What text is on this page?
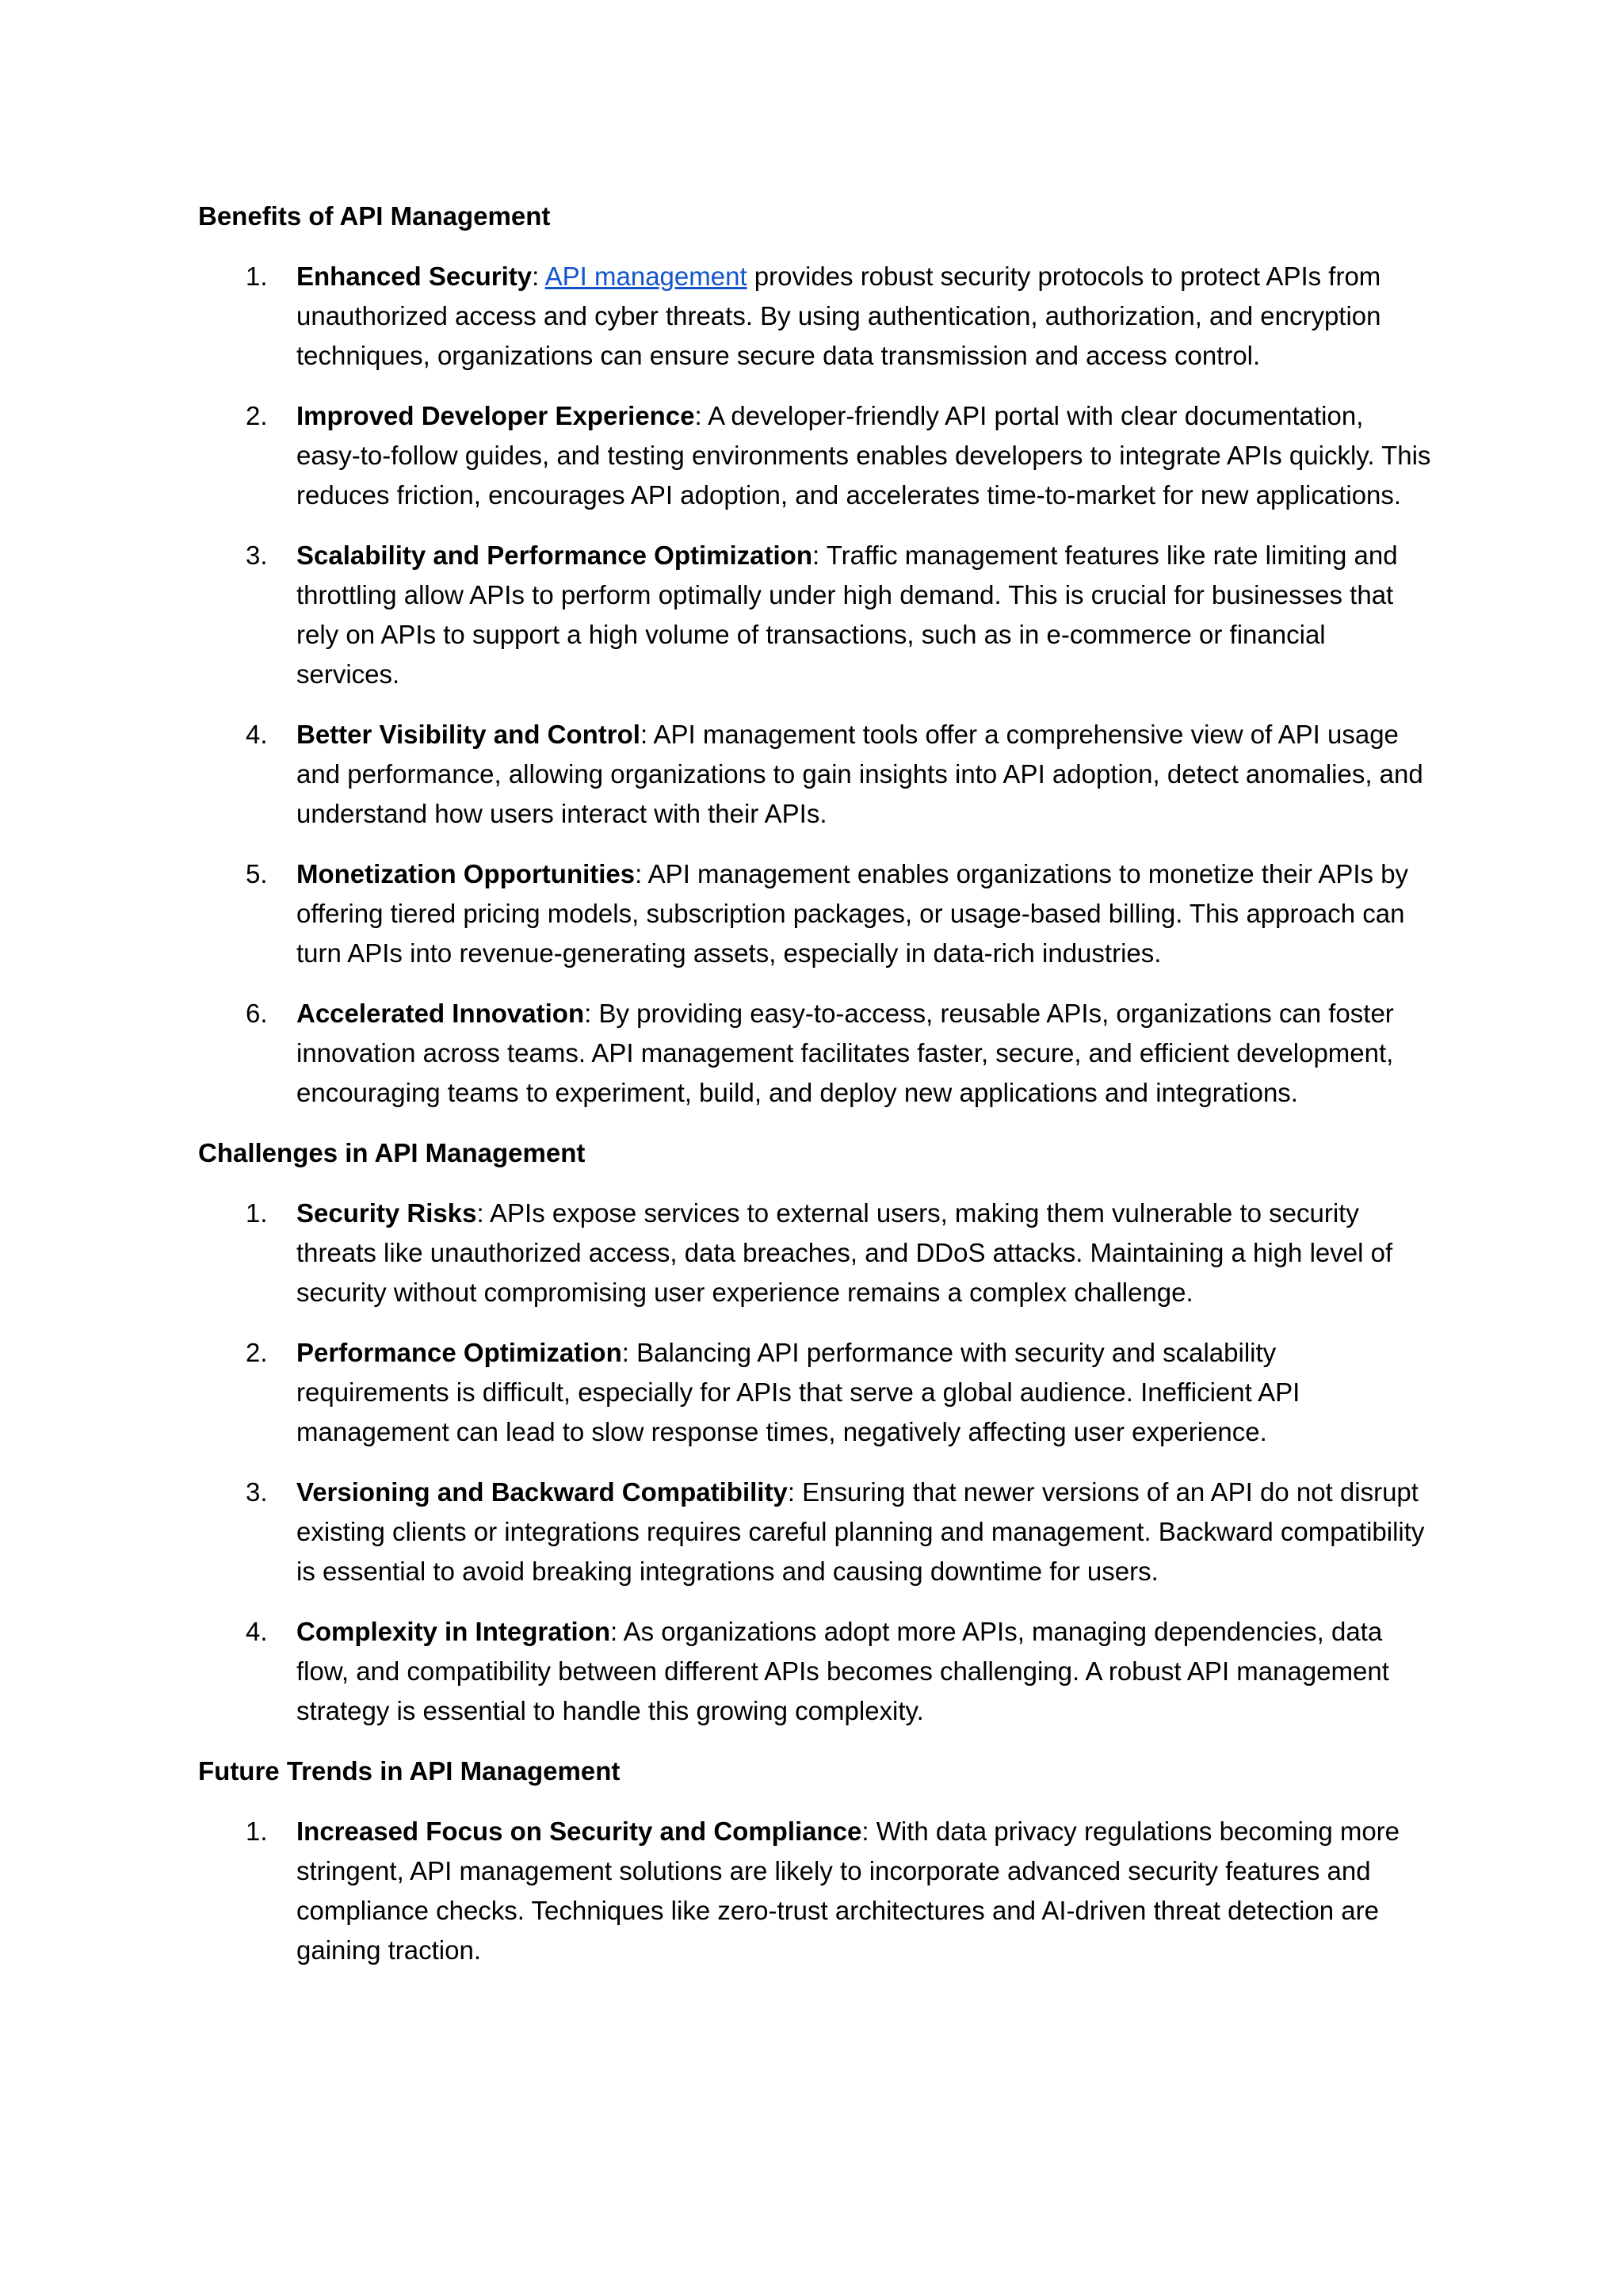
Benefits of API Management
1.	Enhanced Security: API management provides robust security protocols to protect APIs from unauthorized access and cyber threats. By using authentication, authorization, and encryption techniques, organizations can ensure secure data transmission and access control.
2.	Improved Developer Experience: A developer-friendly API portal with clear documentation, easy-to-follow guides, and testing environments enables developers to integrate APIs quickly. This reduces friction, encourages API adoption, and accelerates time-to-market for new applications.
3.	Scalability and Performance Optimization: Traffic management features like rate limiting and throttling allow APIs to perform optimally under high demand. This is crucial for businesses that rely on APIs to support a high volume of transactions, such as in e-commerce or financial services.
4.	Better Visibility and Control: API management tools offer a comprehensive view of API usage and performance, allowing organizations to gain insights into API adoption, detect anomalies, and understand how users interact with their APIs.
5.	Monetization Opportunities: API management enables organizations to monetize their APIs by offering tiered pricing models, subscription packages, or usage-based billing. This approach can turn APIs into revenue-generating assets, especially in data-rich industries.
6.	Accelerated Innovation: By providing easy-to-access, reusable APIs, organizations can foster innovation across teams. API management facilitates faster, secure, and efficient development, encouraging teams to experiment, build, and deploy new applications and integrations.
Challenges in API Management
1.	Security Risks: APIs expose services to external users, making them vulnerable to security threats like unauthorized access, data breaches, and DDoS attacks. Maintaining a high level of security without compromising user experience remains a complex challenge.
2.	Performance Optimization: Balancing API performance with security and scalability requirements is difficult, especially for APIs that serve a global audience. Inefficient API management can lead to slow response times, negatively affecting user experience.
3.	Versioning and Backward Compatibility: Ensuring that newer versions of an API do not disrupt existing clients or integrations requires careful planning and management. Backward compatibility is essential to avoid breaking integrations and causing downtime for users.
4.	Complexity in Integration: As organizations adopt more APIs, managing dependencies, data flow, and compatibility between different APIs becomes challenging. A robust API management strategy is essential to handle this growing complexity.
Future Trends in API Management
1.	Increased Focus on Security and Compliance: With data privacy regulations becoming more stringent, API management solutions are likely to incorporate advanced security features and compliance checks. Techniques like zero-trust architectures and AI-driven threat detection are gaining traction.
